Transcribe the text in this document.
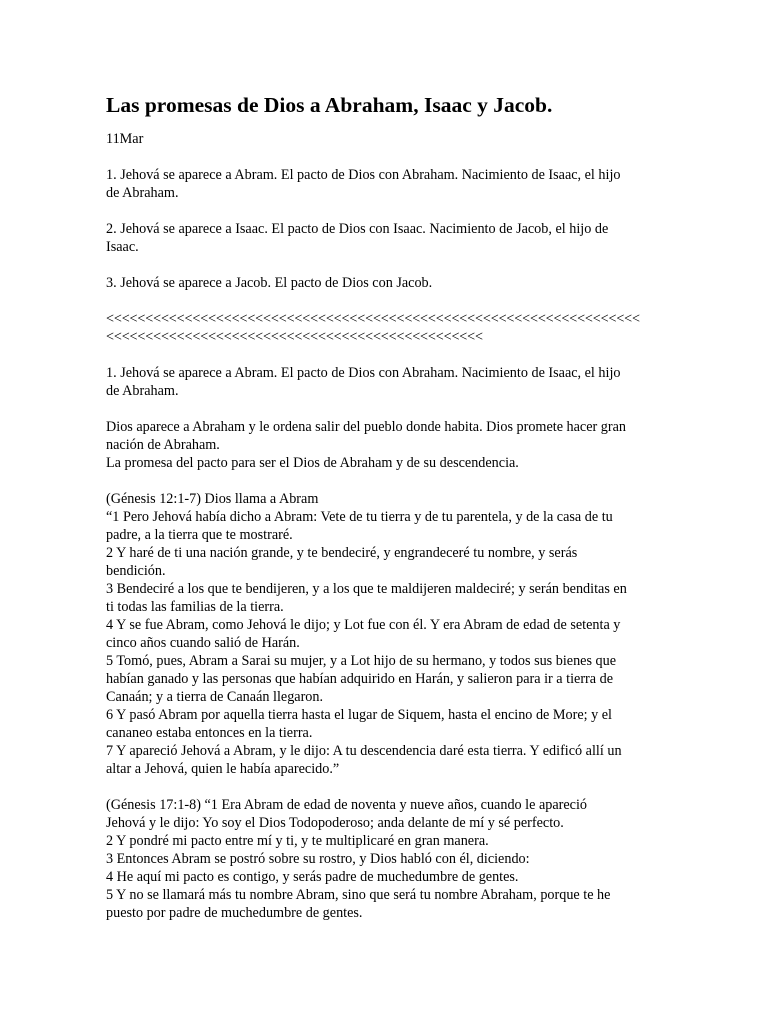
Las promesas de Dios a Abraham, Isaac y Jacob.
11Mar
1. Jehová se aparece a Abram. El pacto de Dios con Abraham. Nacimiento de Isaac, el hijo
de Abraham.
2. Jehová se aparece a Isaac. El pacto de Dios con Isaac. Nacimiento de Jacob, el hijo de
Isaac.
3. Jehová se aparece a Jacob. El pacto de Dios con Jacob.
<<<<<<<<<<<<<<<<<<<<<<<<<<<<<<<<<<<<<<<<<<<<<<<<<<<<<<<<<<<<<<<<<<<<
<<<<<<<<<<<<<<<<<<<<<<<<<<<<<<<<<<<<<<<<<<<<<<<<
1. Jehová se aparece a Abram. El pacto de Dios con Abraham. Nacimiento de Isaac, el hijo
de Abraham.
Dios aparece a Abraham y le ordena salir del pueblo donde habita. Dios promete hacer gran
nación de Abraham.
La promesa del pacto para ser el Dios de Abraham y de su descendencia.
(Génesis 12:1-7) Dios llama a Abram
“1 Pero Jehová había dicho a Abram: Vete de tu tierra y de tu parentela, y de la casa de tu
padre, a la tierra que te mostraré.
2 Y haré de ti una nación grande, y te bendeciré, y engrandeceré tu nombre, y serás
bendición.
3 Bendeciré a los que te bendijeren, y a los que te maldijeren maldeciré; y serán benditas en
ti todas las familias de la tierra.
4 Y se fue Abram, como Jehová le dijo; y Lot fue con él. Y era Abram de edad de setenta y
cinco años cuando salió de Harán.
5 Tomó, pues, Abram a Sarai su mujer, y a Lot hijo de su hermano, y todos sus bienes que
habían ganado y las personas que habían adquirido en Harán, y salieron para ir a tierra de
Canaán; y a tierra de Canaán llegaron.
6 Y pasó Abram por aquella tierra hasta el lugar de Siquem, hasta el encino de More; y el
cananeo estaba entonces en la tierra.
7 Y apareció Jehová a Abram, y le dijo: A tu descendencia daré esta tierra. Y edificó allí un
altar a Jehová, quien le había aparecido.”
(Génesis 17:1-8) “1 Era Abram de edad de noventa y nueve años, cuando le apareció
Jehová y le dijo: Yo soy el Dios Todopoderoso; anda delante de mí y sé perfecto.
2 Y pondré mi pacto entre mí y ti, y te multiplicaré en gran manera.
3 Entonces Abram se postró sobre su rostro, y Dios habló con él, diciendo:
4 He aquí mi pacto es contigo, y serás padre de muchedumbre de gentes.
5 Y no se llamará más tu nombre Abram, sino que será tu nombre Abraham, porque te he
puesto por padre de muchedumbre de gentes.
